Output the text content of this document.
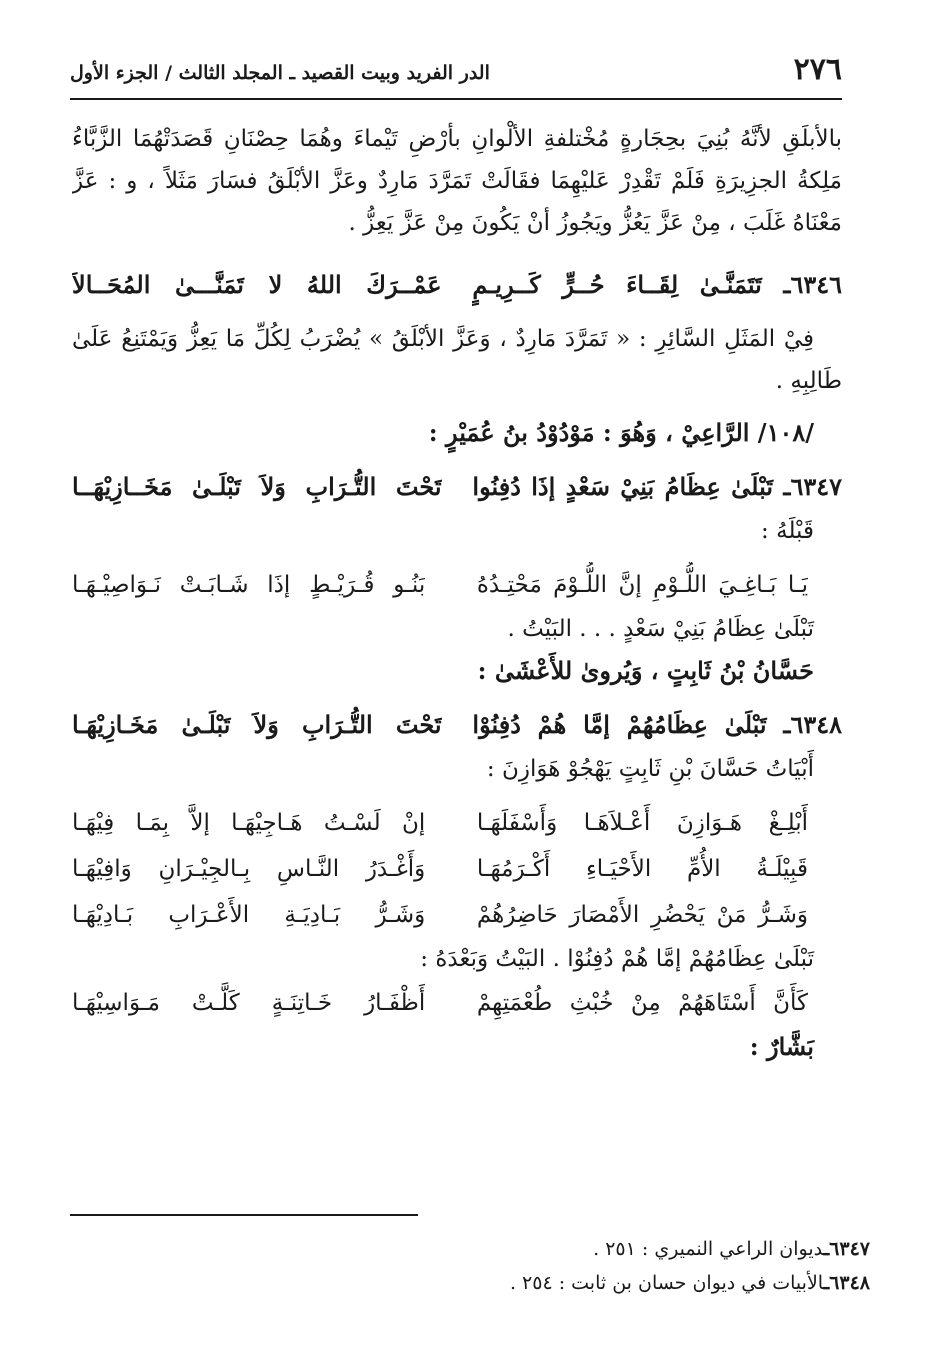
٢٧٦
الدر الفريد وبيت القصيد ـ المجلد الثالث / الجزء الأول
بالأبلَقِ لأنَّهُ بُنِيَ بحِجَارةٍ مُخْتلفةِ الألْوانِ بأرْضِ تَيْماءَ وهُمَا حِصْنَانِ قَصَدَتْهُمَا الزَّبَّاءُ
مَلِكةُ الجزِيرَةِ فَلَمْ تَقْدِرْ عَليْهِمَا فقَالَتْ تَمَرَّدَ مَارِدٌ وعَزَّ الأبْلَقُ فسَارَ مَثَلاً ، و : عَزَّ
مَعْنَاهُ غَلَبَ ، مِنْ عَزَّ يَعُزُّ ويَجُوزُ أنْ يَكُونَ مِنْ عَزَّ يَعِزُّ .
٦٣٤٦ـ تَتَمَنَّـىٰ لِقَــاءَ حُــرٍّ كَــرِيـمٍ
عَمْــرَكَ اللهُ لا تَمَنَّـــىٰ المُحَــالاَ
فِيْ المَثَلِ السَّائِرِ : « تَمَرَّدَ مَارِدٌ ، وَعَزَّ الأبْلَقُ » يُضْرَبُ لِكُلِّ مَا يَعِزُّ وَيَمْتَنِعُ عَلَىٰ
طَالِبِهِ .
/١٠٨/ الرَّاعِيْ ، وَهُوَ : مَوْدُوْدُ بنُ عُمَيْرٍ :
٦٣٤٧ـ تَبْلَىٰ عِظَامُ بَنِيْ سَعْدٍ إذَا دُفِنُوا
تَحْتَ التُّـرَابِ وَلاَ تَبْلَـىٰ مَخَــازِيْهَــا
قَبْلَهُ :
يَـا بَـاغِـيَ اللُّـوْمِ إنَّ اللُّـوْمَ مَحْتِـدُهُ
بَنُـو قُـرَيْـطٍ إذَا شَـابَـتْ نَـوَاصِيْـهَـا
تَبْلَىٰ عِظَامُ بَنِيْ سَعْدٍ . . . البَيْتُ .
حَسَّانُ بْنُ ثَابِتٍ ، وَيُروىٰ للأَعْشَىٰ :
٦٣٤٨ـ تَبْلَىٰ عِظَامُهُمْ إمَّا هُمْ دُفِنُوْا
تَحْتَ التُّـرَابِ وَلاَ تَبْلَـىٰ مَخَـازِيْهَـا
أَبْيَاتُ حَسَّانَ بْنِ ثَابِتٍ يَهْجُوْ هَوَازِنَ :
أَبْلِـغْ هَـوَازِنَ أَعْـلاَهَـا وَأَسْفَلَهَـا
إنْ لَسْـتُ هَـاجِيْهَـا إلاَّ بِمَـا فِيْهَـا
قَبِيْلَـةُ الأُمِّ الأَحْيَـاءِ أَكْـرَمُهَـا
وَأَغْـدَرُ النَّـاسِ بِـالجِيْـرَانِ وَافِيْهَـا
وَشَـرُّ مَنْ يَحْضُرِ الأَمْصَارَ حَاضِرُهُمْ
وَشَـرُّ بَـادِيَـةِ الأَعْـرَابِ بَـادِيْهَـا
تَبْلَىٰ عِظَامُهُمْ إمَّا هُمْ دُفِنُوْا . البَيْتُ وَبَعْدَهُ :
كَأَنَّ أَسْتَاهَهُمْ مِنْ خُبْثِ طُعْمَتِهِمْ
أَظْفَـارُ خَـاتِنَـةٍ كَلَّـتْ مَـوَاسِيْهَـا
بَشَّارٌ :
٦٣٤٧ـديوان الراعي النميري : ٢٥١ .
٦٣٤٨ـالأبيات في ديوان حسان بن ثابت : ٢٥٤ .
